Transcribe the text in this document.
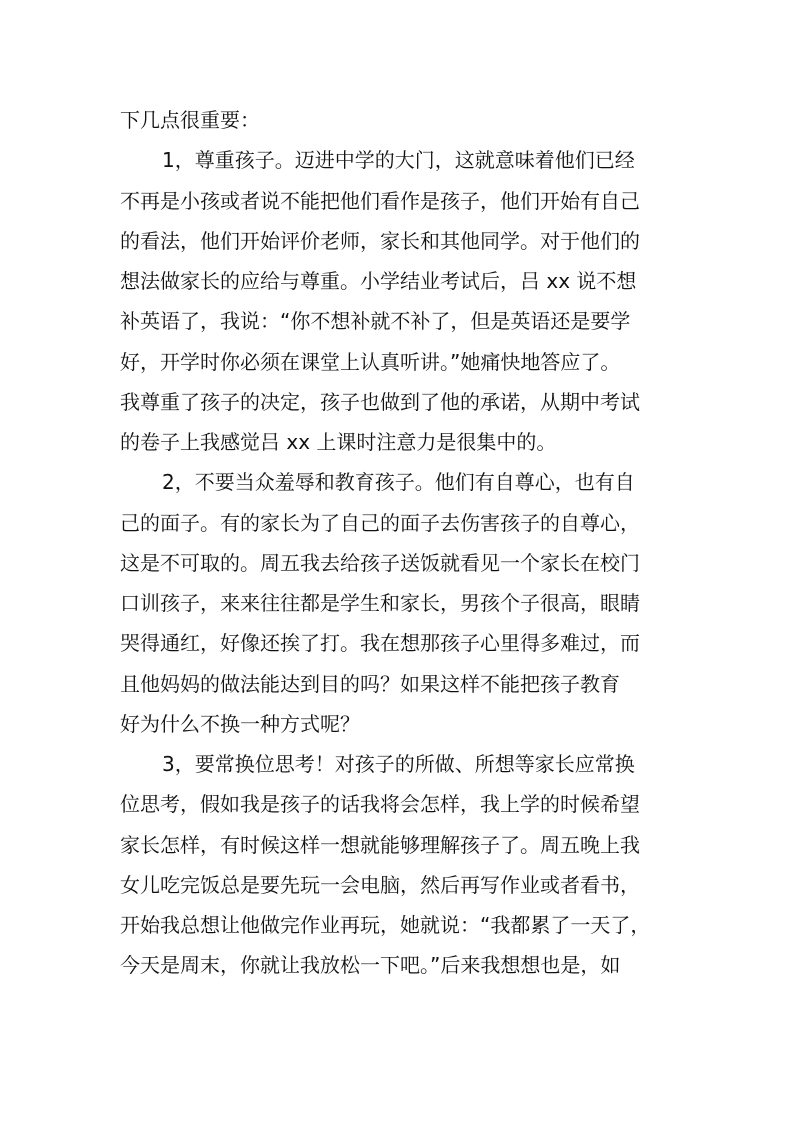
下几点很重要：
1，尊重孩子。迈进中学的大门，这就意味着他们已经
不再是小孩或者说不能把他们看作是孩子，他们开始有自己
的看法，他们开始评价老师，家长和其他同学。对于他们的
想法做家长的应给与尊重。小学结业考试后，吕 xx 说不想
补英语了，我说：“你不想补就不补了，但是英语还是要学
好，开学时你必须在课堂上认真听讲。”她痛快地答应了。
我尊重了孩子的决定，孩子也做到了他的承诺，从期中考试
的卷子上我感觉吕 xx 上课时注意力是很集中的。
2，不要当众羞辱和教育孩子。他们有自尊心，也有自
己的面子。有的家长为了自己的面子去伤害孩子的自尊心，
这是不可取的。周五我去给孩子送饭就看见一个家长在校门
口训孩子，来来往往都是学生和家长，男孩个子很高，眼睛
哭得通红，好像还挨了打。我在想那孩子心里得多难过，而
且他妈妈的做法能达到目的吗？如果这样不能把孩子教育
好为什么不换一种方式呢？
3，要常换位思考！对孩子的所做、所想等家长应常换
位思考，假如我是孩子的话我将会怎样，我上学的时候希望
家长怎样，有时候这样一想就能够理解孩子了。周五晚上我
女儿吃完饭总是要先玩一会电脑，然后再写作业或者看书，
开始我总想让他做完作业再玩，她就说：“我都累了一天了，
今天是周末，你就让我放松一下吧。”后来我想想也是，如
